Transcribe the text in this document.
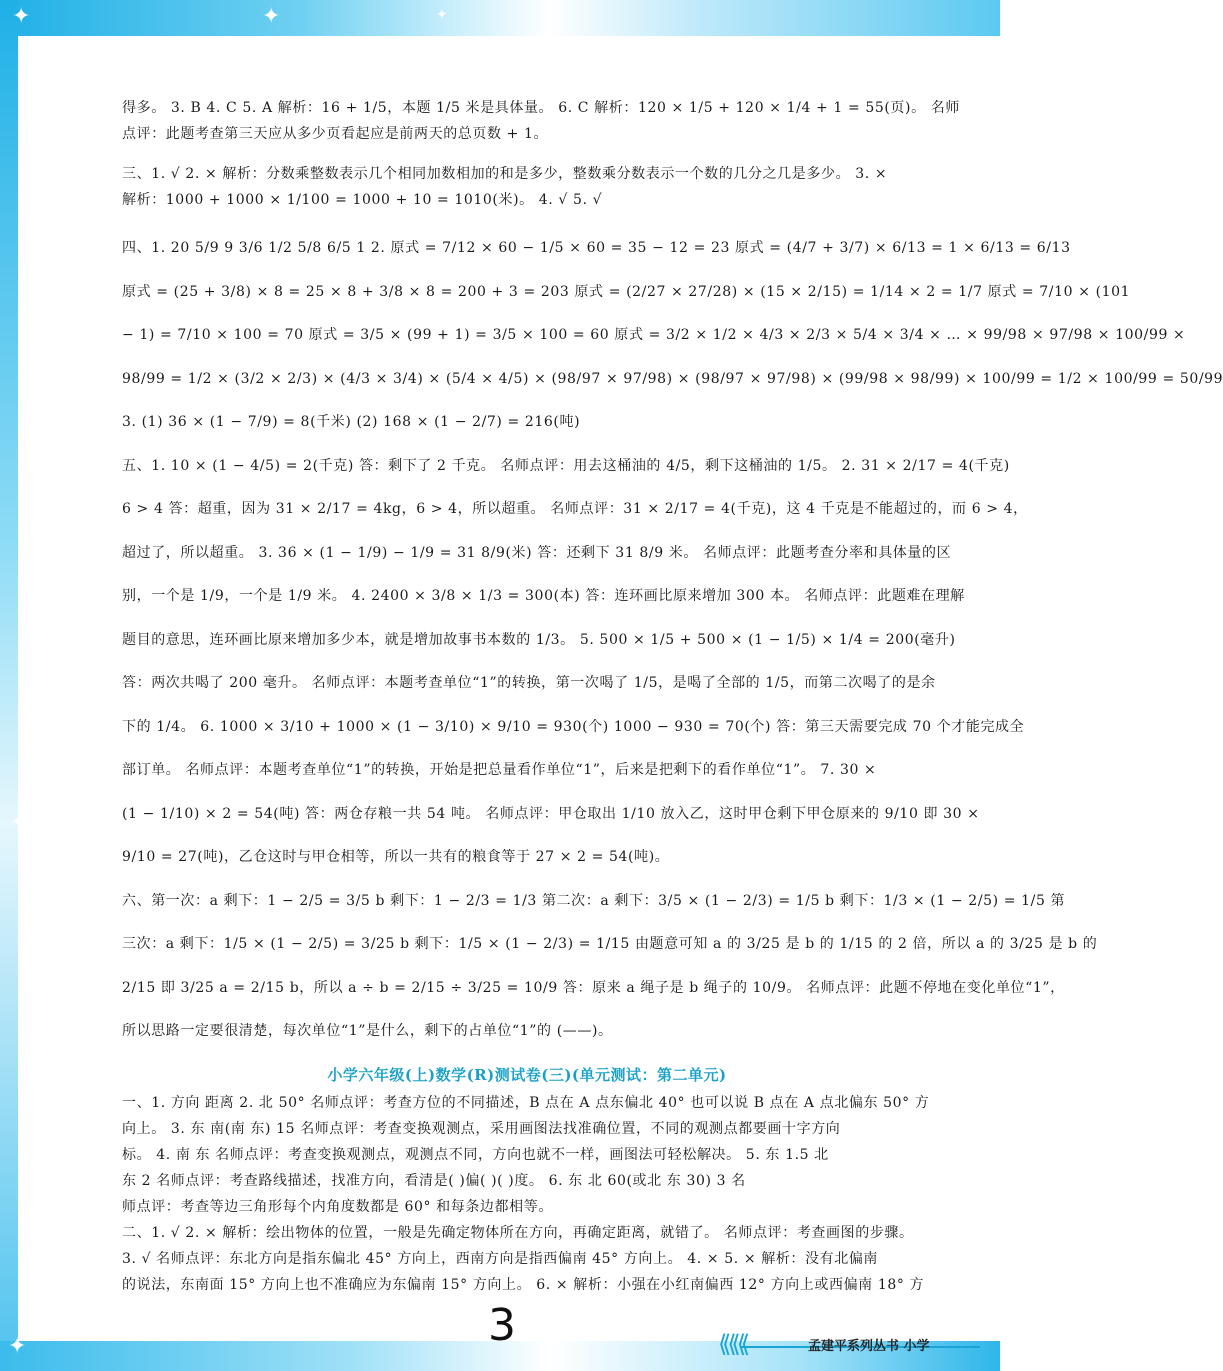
✦	✦	✦
✦
✦
得多。 3. B 4. C 5. A 解析：16 + 1/5，本题 1/5 米是具体量。 6. C 解析：120 × 1/5 + 120 × 1/4 + 1 = 55(页)。 名师
点评：此题考查第三天应从多少页看起应是前两天的总页数 + 1。
三、1. √ 2. × 解析：分数乘整数表示几个相同加数相加的和是多少，整数乘分数表示一个数的几分之几是多少。 3. ×
解析：1000 + 1000 × 1/100 = 1000 + 10 = 1010(米)。 4. √ 5. √
四、1. 20 5/9 9 3/6 1/2 5/8 6/5 1 2. 原式 = 7/12 × 60 − 1/5 × 60 = 35 − 12 = 23 原式 = (4/7 + 3/7) × 6/13 = 1 × 6/13 = 6/13
原式 = (25 + 3/8) × 8 = 25 × 8 + 3/8 × 8 = 200 + 3 = 203 原式 = (2/27 × 27/28) × (15 × 2/15) = 1/14 × 2 = 1/7 原式 = 7/10 × (101
− 1) = 7/10 × 100 = 70 原式 = 3/5 × (99 + 1) = 3/5 × 100 = 60 原式 = 3/2 × 1/2 × 4/3 × 2/3 × 5/4 × 3/4 × … × 99/98 × 97/98 × 100/99 ×
98/99 = 1/2 × (3/2 × 2/3) × (4/3 × 3/4) × (5/4 × 4/5) × (98/97 × 97/98) × (98/97 × 97/98) × (99/98 × 98/99) × 100/99 = 1/2 × 100/99 = 50/99
3. (1) 36 × (1 − 7/9) = 8(千米) (2) 168 × (1 − 2/7) = 216(吨)
五、1. 10 × (1 − 4/5) = 2(千克) 答：剩下了 2 千克。 名师点评：用去这桶油的 4/5，剩下这桶油的 1/5。 2. 31 × 2/17 = 4(千克)
6 > 4 答：超重，因为 31 × 2/17 = 4kg，6 > 4，所以超重。 名师点评：31 × 2/17 = 4(千克)，这 4 千克是不能超过的，而 6 > 4，
超过了，所以超重。 3. 36 × (1 − 1/9) − 1/9 = 31 8/9(米) 答：还剩下 31 8/9 米。 名师点评：此题考查分率和具体量的区
别，一个是 1/9，一个是 1/9 米。 4. 2400 × 3/8 × 1/3 = 300(本) 答：连环画比原来增加 300 本。 名师点评：此题难在理解
题目的意思，连环画比原来增加多少本，就是增加故事书本数的 1/3。 5. 500 × 1/5 + 500 × (1 − 1/5) × 1/4 = 200(毫升)
答：两次共喝了 200 毫升。 名师点评：本题考查单位“1”的转换，第一次喝了 1/5，是喝了全部的 1/5，而第二次喝了的是余
下的 1/4。 6. 1000 × 3/10 + 1000 × (1 − 3/10) × 9/10 = 930(个) 1000 − 930 = 70(个) 答：第三天需要完成 70 个才能完成全
部订单。 名师点评：本题考查单位“1”的转换，开始是把总量看作单位“1”，后来是把剩下的看作单位“1”。 7. 30 ×
(1 − 1/10) × 2 = 54(吨) 答：两仓存粮一共 54 吨。 名师点评：甲仓取出 1/10 放入乙，这时甲仓剩下甲仓原来的 9/10 即 30 ×
9/10 = 27(吨)，乙仓这时与甲仓相等，所以一共有的粮食等于 27 × 2 = 54(吨)。
六、第一次：a 剩下：1 − 2/5 = 3/5 b 剩下：1 − 2/3 = 1/3 第二次：a 剩下：3/5 × (1 − 2/3) = 1/5 b 剩下：1/3 × (1 − 2/5) = 1/5 第
三次：a 剩下：1/5 × (1 − 2/5) = 3/25 b 剩下：1/5 × (1 − 2/3) = 1/15 由题意可知 a 的 3/25 是 b 的 1/15 的 2 倍，所以 a 的 3/25 是 b 的
2/15 即 3/25 a = 2/15 b，所以 a ÷ b = 2/15 ÷ 3/25 = 10/9 答：原来 a 绳子是 b 绳子的 10/9。 名师点评：此题不停地在变化单位“1”，
所以思路一定要很清楚，每次单位“1”是什么，剩下的占单位“1”的 (——)。
小学六年级(上)数学(R)测试卷(三)(单元测试：第二单元)
一、1. 方向 距离 2. 北 50° 名师点评：考查方位的不同描述，B 点在 A 点东偏北 40° 也可以说 B 点在 A 点北偏东 50° 方
向上。 3. 东 南(南 东) 15 名师点评：考查变换观测点，采用画图法找准确位置，不同的观测点都要画十字方向
标。 4. 南 东 名师点评：考查变换观测点，观测点不同，方向也就不一样，画图法可轻松解决。 5. 东 1.5 北
东 2 名师点评：考查路线描述，找准方向，看清是( )偏( )( )度。 6. 东 北 60(或北 东 30) 3 名
师点评：考查等边三角形每个内角度数都是 60° 和每条边都相等。
二、1. √ 2. × 解析：绘出物体的位置，一般是先确定物体所在方向，再确定距离，就错了。 名师点评：考查画图的步骤。
3. √ 名师点评：东北方向是指东偏北 45° 方向上，西南方向是指西偏南 45° 方向上。 4. × 5. × 解析：没有北偏南
的说法，东南面 15° 方向上也不准确应为东偏南 15° 方向上。 6. × 解析：小强在小红南偏西 12° 方向上或西偏南 18° 方
3	⟪⟪⟪	孟建平系列丛书 小学
